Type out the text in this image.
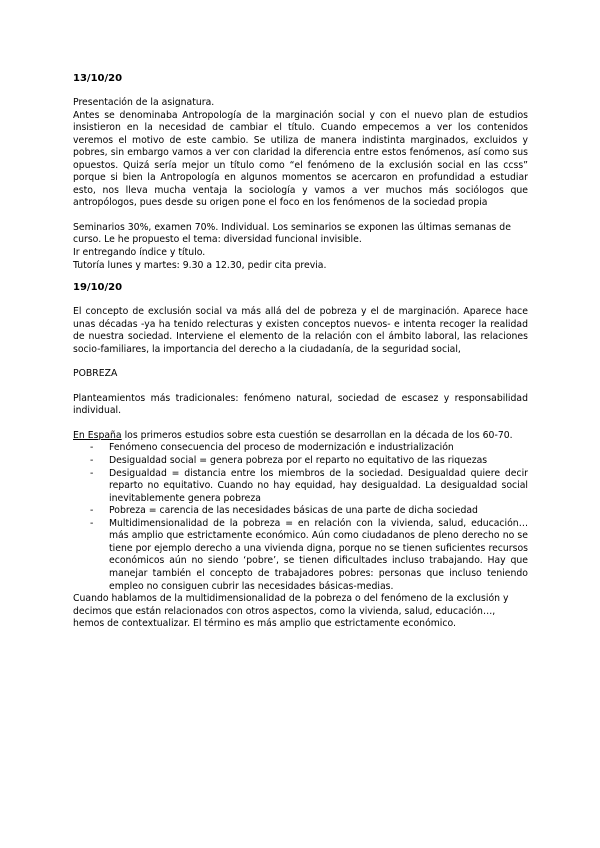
13/10/20

Presentación de la asignatura.

Antes se denominaba Antropología de la marginación social y con el nuevo plan de estudios insistieron en la necesidad de cambiar el título. Cuando empecemos a ver los contenidos veremos el motivo de este cambio. Se utiliza de manera indistinta marginados, excluidos y pobres, sin embargo vamos a ver con claridad la diferencia entre estos fenómenos, así como sus opuestos. Quizá sería mejor un título como “el fenómeno de la exclusión social en las ccss” porque si bien la Antropología en algunos momentos se acercaron en profundidad a estudiar esto, nos lleva mucha ventaja la sociología y vamos a ver muchos más sociólogos que antropólogos, pues desde su origen pone el foco en los fenómenos de la sociedad propia

Seminarios 30%, examen 70%. Individual. Los seminarios se exponen las últimas semanas de curso. Le he propuesto el tema: diversidad funcional invisible.

Ir entregando índice y título.

Tutoría lunes y martes: 9.30 a 12.30, pedir cita previa.

19/10/20

El concepto de exclusión social va más allá del de pobreza y el de marginación. Aparece hace unas décadas -ya ha tenido relecturas y existen conceptos nuevos- e intenta recoger la realidad de nuestra sociedad. Interviene el elemento de la relación con el ámbito laboral, las relaciones socio-familiares, la importancia del derecho a la ciudadanía, de la seguridad social,

POBREZA

Planteamientos más tradicionales: fenómeno natural, sociedad de escasez y responsabilidad individual.

En España los primeros estudios sobre esta cuestión se desarrollan en la década de los 60-70.

- Fenómeno consecuencia del proceso de modernización e industrialización
- Desigualdad social = genera pobreza por el reparto no equitativo de las riquezas
- Desigualdad = distancia entre los miembros de la sociedad. Desigualdad quiere decir reparto no equitativo. Cuando no hay equidad, hay desigualdad. La desigualdad social inevitablemente genera pobreza
- Pobreza = carencia de las necesidades básicas de una parte de dicha sociedad
- Multidimensionalidad de la pobreza = en relación con la vivienda, salud, educación… más amplio que estrictamente económico. Aún como ciudadanos de pleno derecho no se tiene por ejemplo derecho a una vivienda digna, porque no se tienen suficientes recursos económicos aún no siendo ‘pobre’, se tienen dificultades incluso trabajando. Hay que manejar también el concepto de trabajadores pobres: personas que incluso teniendo empleo no consiguen cubrir las necesidades básicas-medias.

Cuando hablamos de la multidimensionalidad de la pobreza o del fenómeno de la exclusión y decimos que están relacionados con otros aspectos, como la vivienda, salud, educación…, hemos de contextualizar. El término es más amplio que estrictamente económico.
